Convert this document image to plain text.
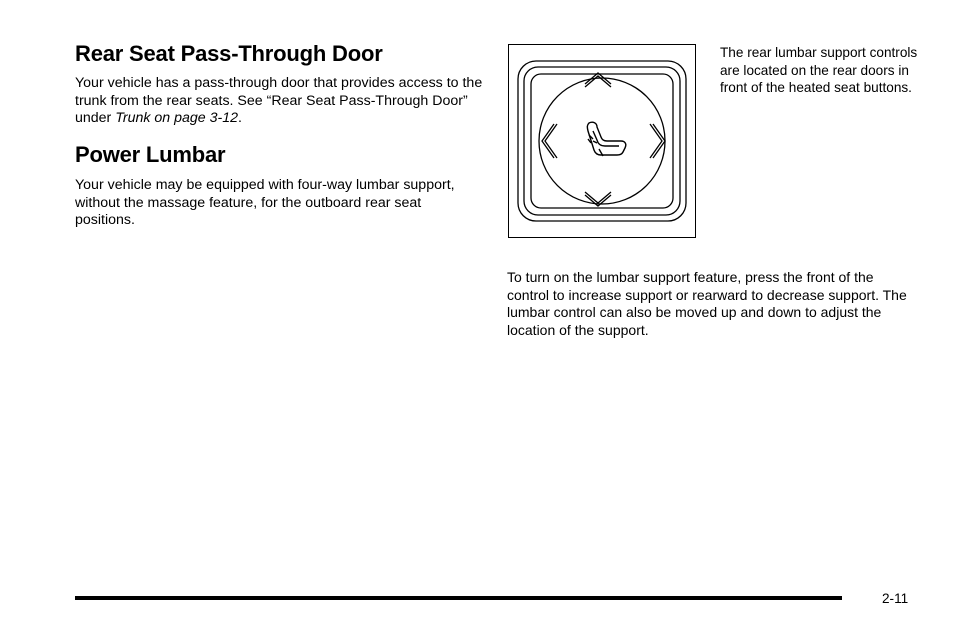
Rear Seat Pass-Through Door

Your vehicle has a pass-through door that provides access to the trunk from the rear seats. See “Rear Seat Pass-Through Door” under Trunk on page 3-12.

Power Lumbar

Your vehicle may be equipped with four-way lumbar support, without the massage feature, for the outboard rear seat positions.

The rear lumbar support controls are located on the rear doors in front of the heated seat buttons.

To turn on the lumbar support feature, press the front of the control to increase support or rearward to decrease support. The lumbar control can also be moved up and down to adjust the location of the support.

2-11
